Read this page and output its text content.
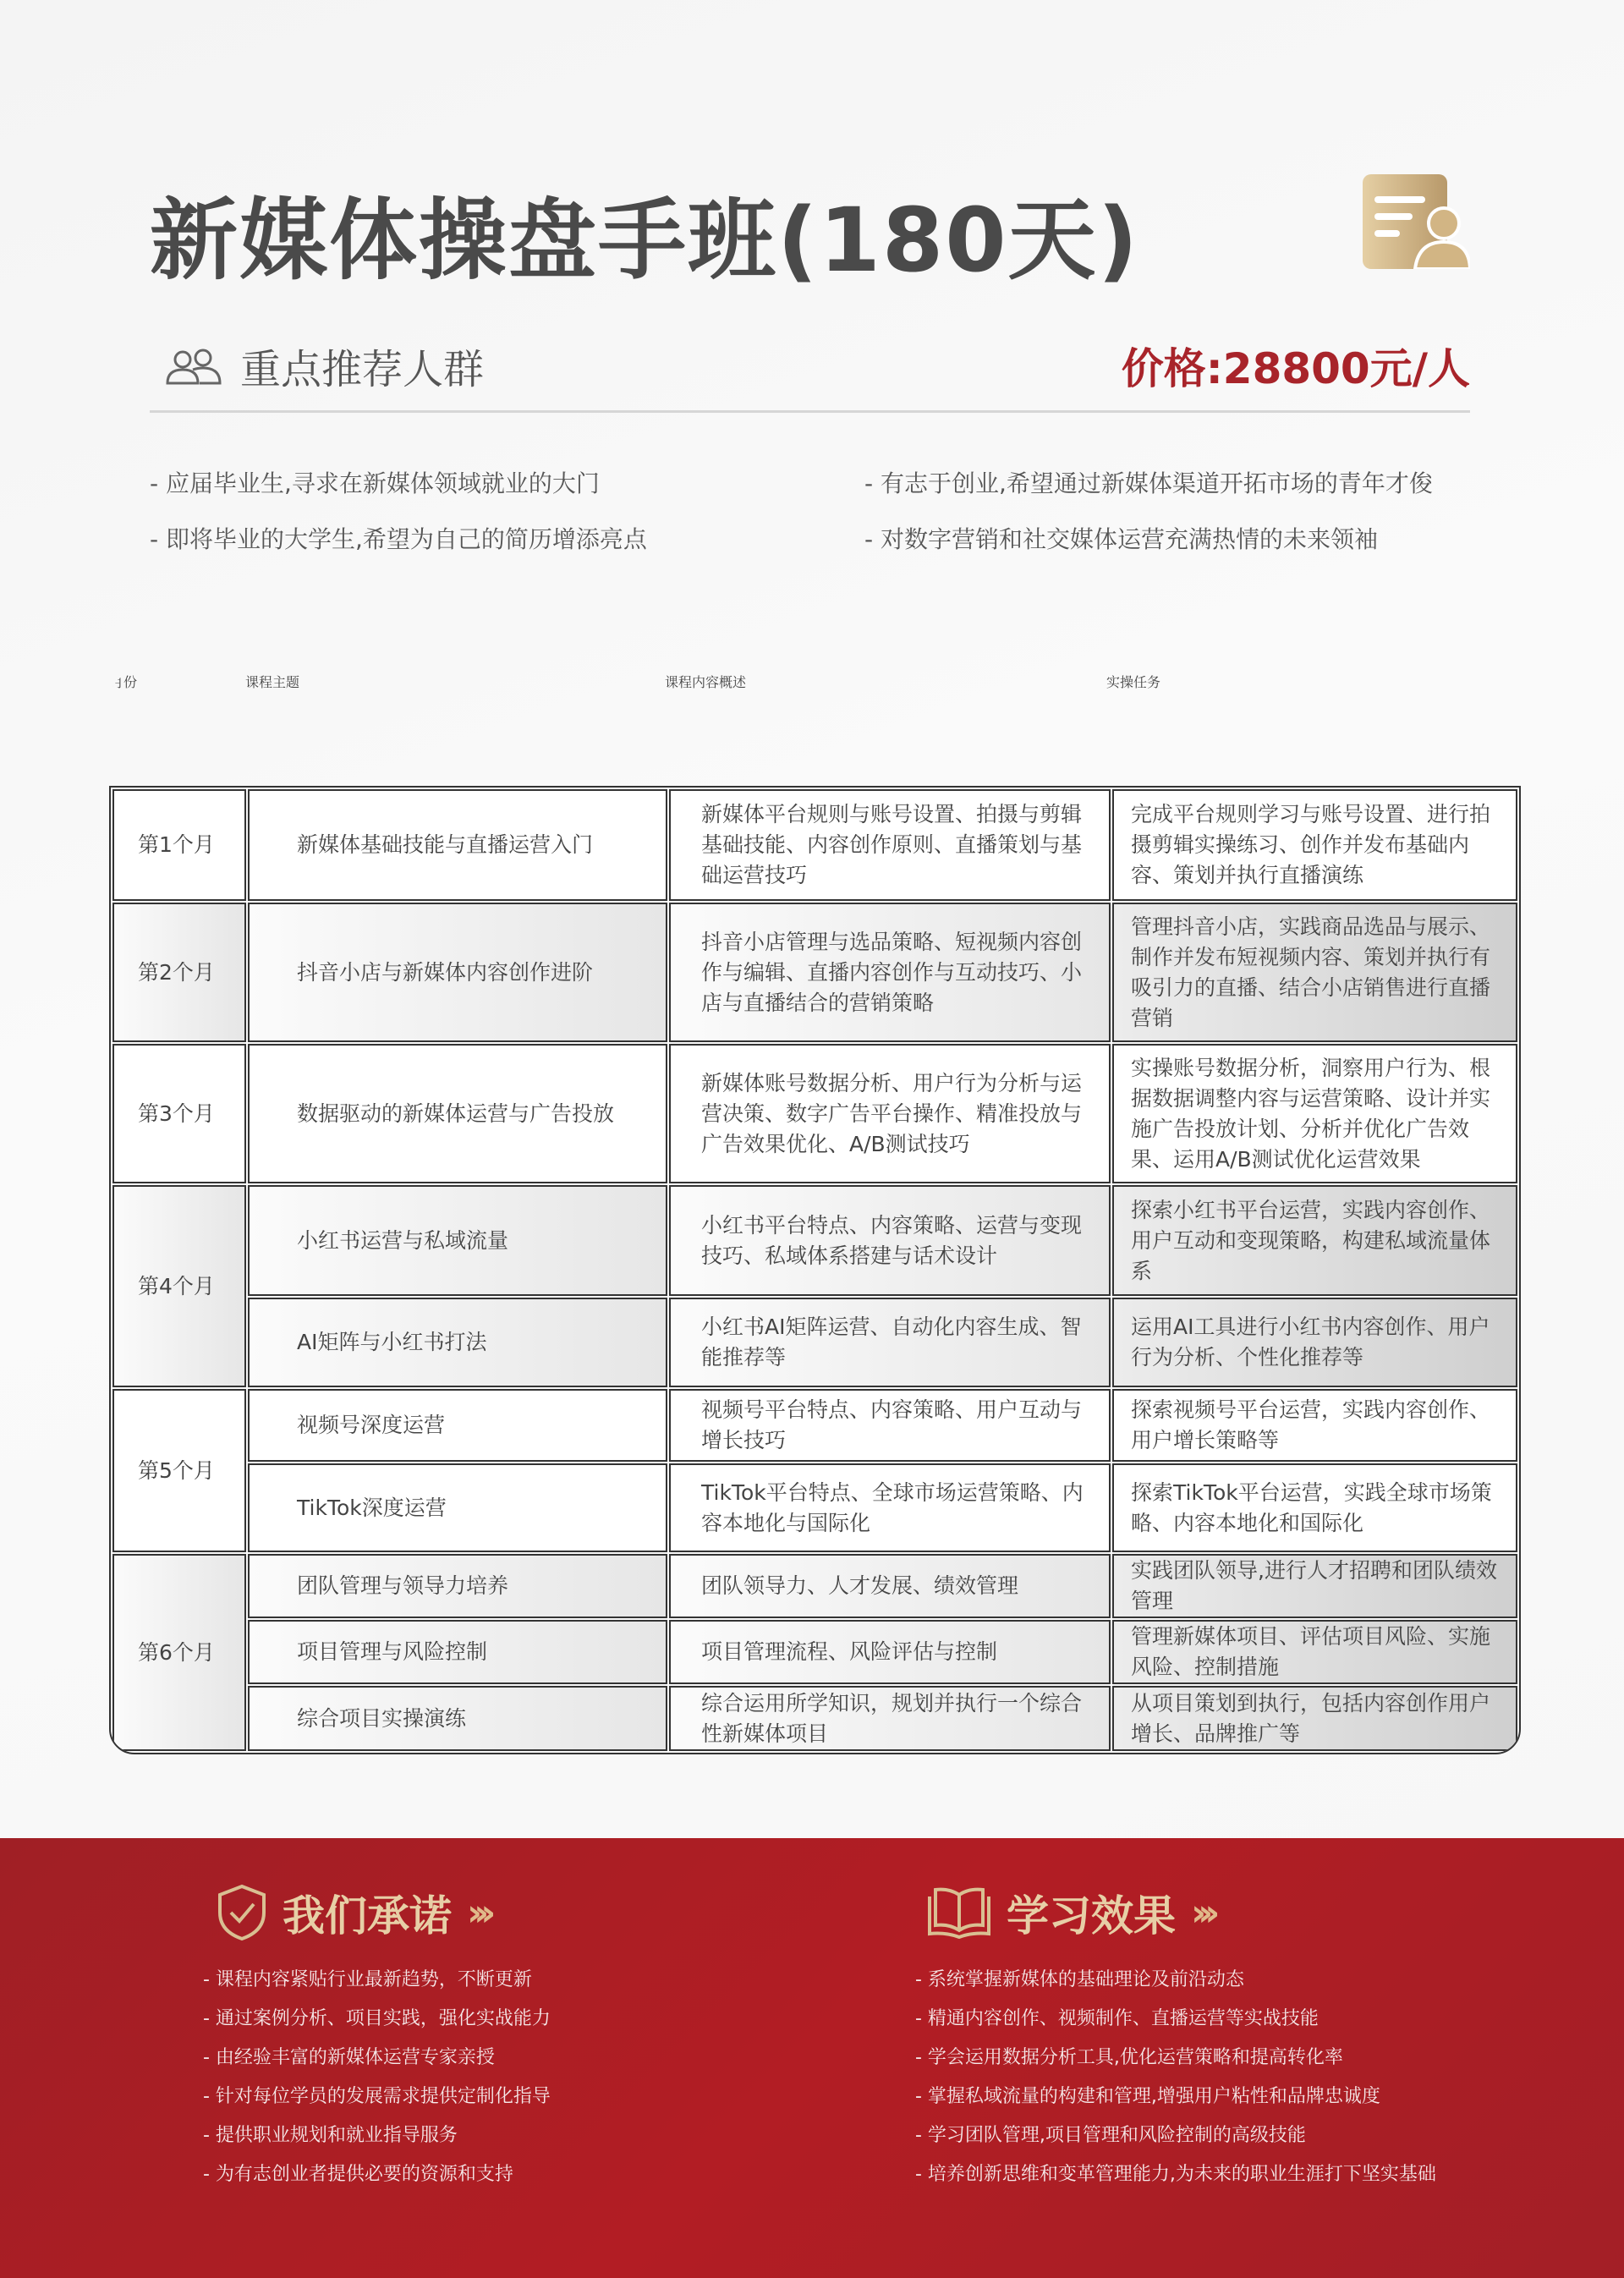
新媒体操盘手班(180天)
重点推荐人群	价格:28800元/人
- 应届毕业生,寻求在新媒体领域就业的大门	- 有志于创业,希望通过新媒体渠道开拓市场的青年才俊
- 即将毕业的大学生,希望为自己的简历增添亮点	- 对数字营销和社交媒体运营充满热情的未来领袖
月份	课程主题	课程内容概述	实操任务
第1个月	新媒体基础技能与直播运营入门	新媒体平台规则与账号设置、拍摄与剪辑基础技能、内容创作原则、直播策划与基础运营技巧	完成平台规则学习与账号设置、进行拍摄剪辑实操练习、创作并发布基础内容、策划并执行直播演练
第2个月	抖音小店与新媒体内容创作进阶	抖音小店管理与选品策略、短视频内容创作与编辑、直播内容创作与互动技巧、小店与直播结合的营销策略	管理抖音小店，实践商品选品与展示、制作并发布短视频内容、策划并执行有吸引力的直播、结合小店销售进行直播营销
第3个月	数据驱动的新媒体运营与广告投放	新媒体账号数据分析、用户行为分析与运营决策、数字广告平台操作、精准投放与广告效果优化、A/B测试技巧	实操账号数据分析，洞察用户行为、根据数据调整内容与运营策略、设计并实施广告投放计划、分析并优化广告效果、运用A/B测试优化运营效果
第4个月	小红书运营与私域流量	小红书平台特点、内容策略、运营与变现技巧、私域体系搭建与话术设计	探索小红书平台运营，实践内容创作、用户互动和变现策略，构建私域流量体系
	AI矩阵与小红书打法	小红书AI矩阵运营、自动化内容生成、智能推荐等	运用AI工具进行小红书内容创作、用户行为分析、个性化推荐等
第5个月	视频号深度运营	视频号平台特点、内容策略、用户互动与增长技巧	探索视频号平台运营，实践内容创作、用户增长策略等
	TikTok深度运营	TikTok平台特点、全球市场运营策略、内容本地化与国际化	探索TikTok平台运营，实践全球市场策略、内容本地化和国际化
第6个月	团队管理与领导力培养	团队领导力、人才发展、绩效管理	实践团队领导,进行人才招聘和团队绩效管理
	项目管理与风险控制	项目管理流程、风险评估与控制	管理新媒体项目、评估项目风险、实施风险、控制措施
	综合项目实操演练	综合运用所学知识，规划并执行一个综合性新媒体项目	从项目策划到执行，包括内容创作用户增长、品牌推广等
我们承诺 ›››
- 课程内容紧贴行业最新趋势，不断更新
- 通过案例分析、项目实践，强化实战能力
- 由经验丰富的新媒体运营专家亲授
- 针对每位学员的发展需求提供定制化指导
- 提供职业规划和就业指导服务
- 为有志创业者提供必要的资源和支持
学习效果 ›››
- 系统掌握新媒体的基础理论及前沿动态
- 精通内容创作、视频制作、直播运营等实战技能
- 学会运用数据分析工具,优化运营策略和提高转化率
- 掌握私域流量的构建和管理,增强用户粘性和品牌忠诚度
- 学习团队管理,项目管理和风险控制的高级技能
- 培养创新思维和变革管理能力,为未来的职业生涯打下坚实基础
